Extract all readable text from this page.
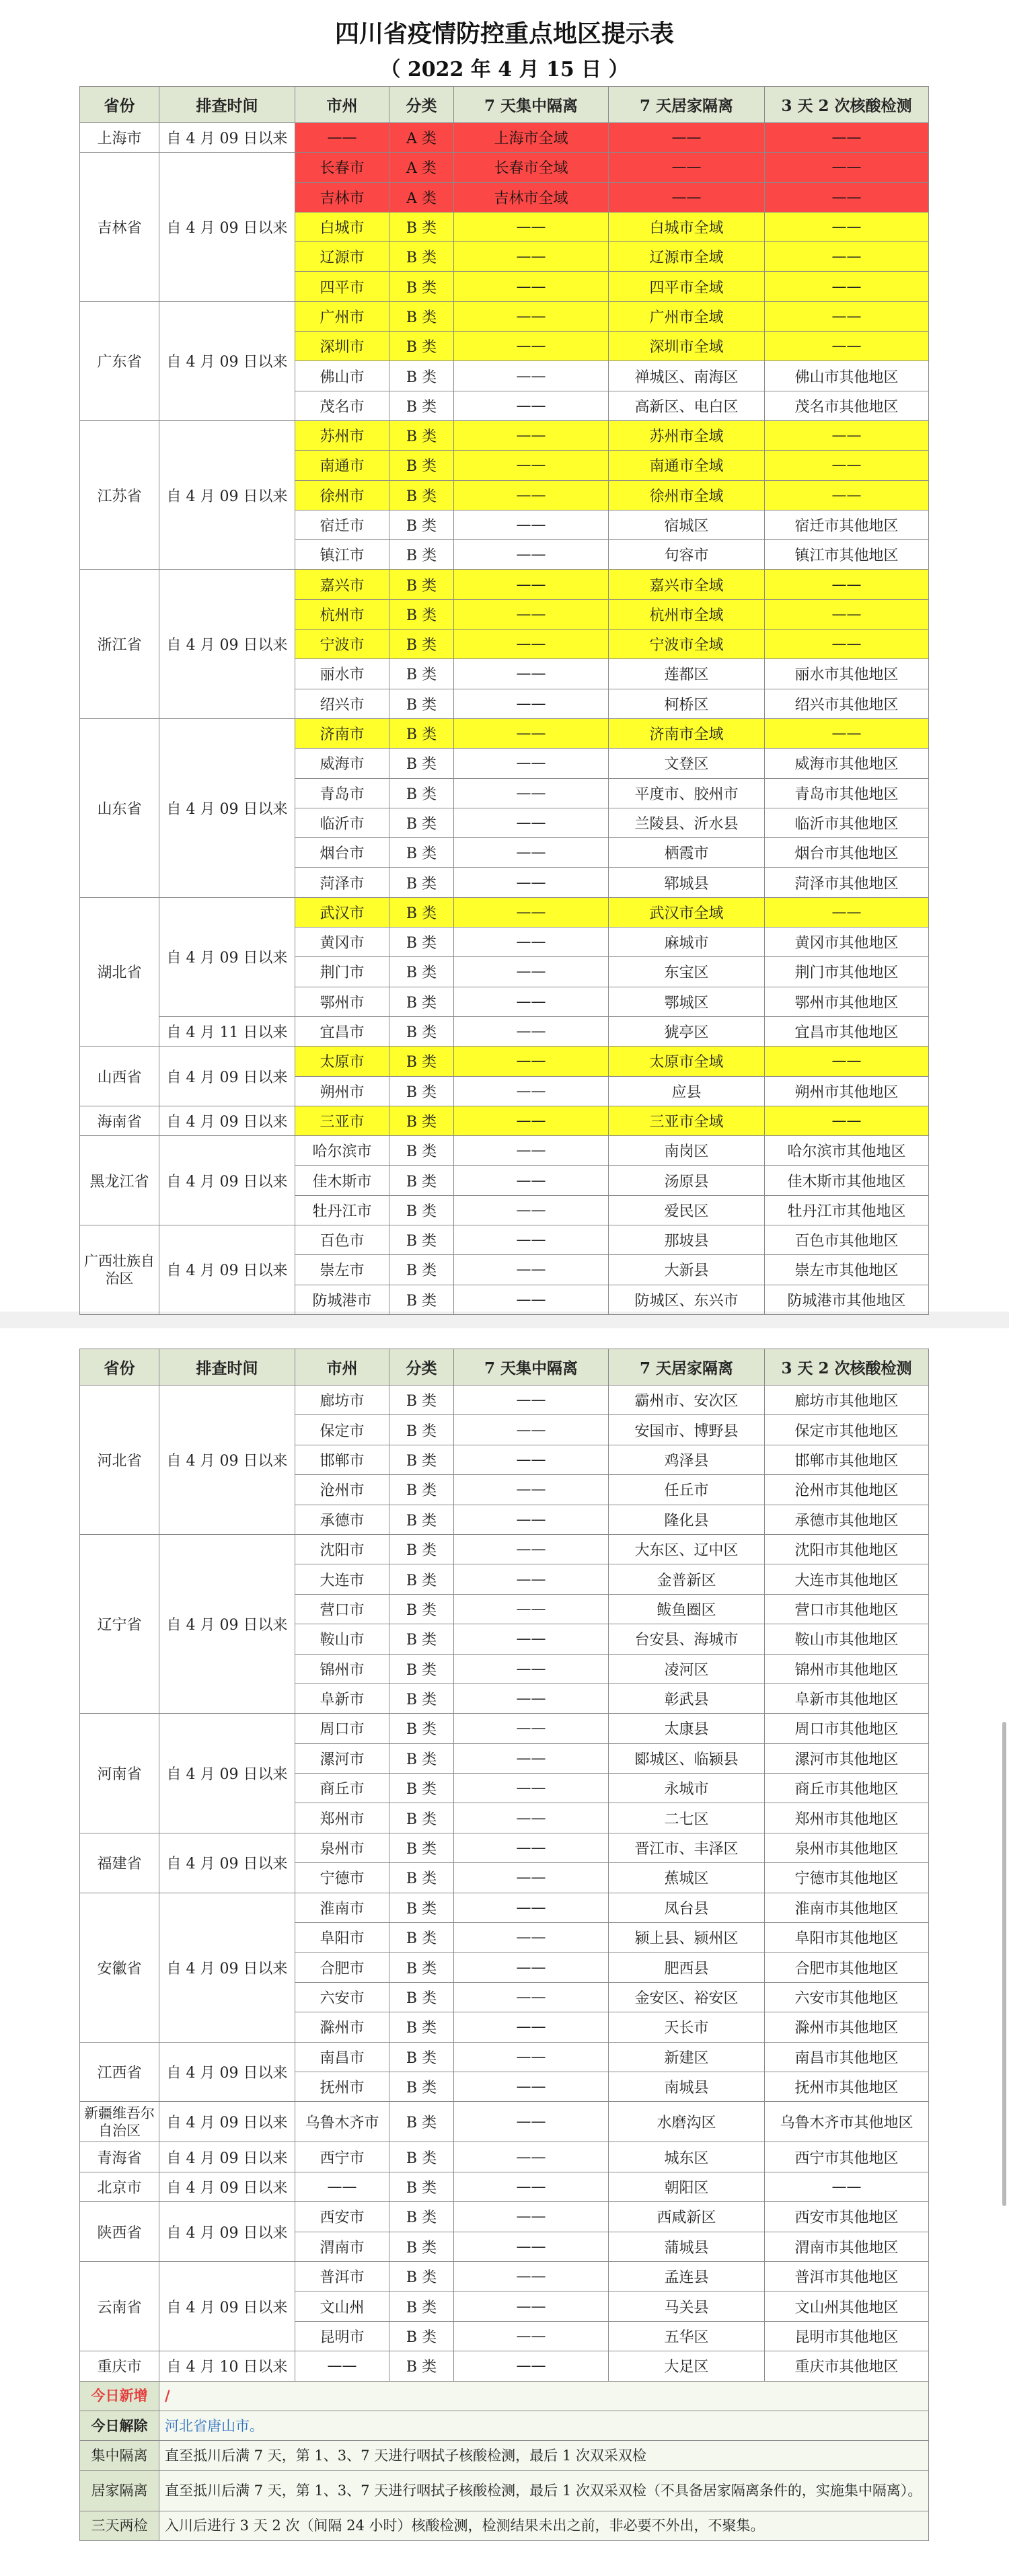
四川省疫情防控重点地区提示表
（ 2022 年 4 月 15 日 ）
省份	排查时间	市州	分类	7 天集中隔离	7 天居家隔离	3 天 2 次核酸检测
上海市	自 4 月 09 日以来	——	A 类	上海市全域	——	——
吉林省	自 4 月 09 日以来	长春市	A 类	长春市全域	——	——
		吉林市	A 类	吉林市全域	——	——
		白城市	B 类	——	白城市全域	——
		辽源市	B 类	——	辽源市全域	——
		四平市	B 类	——	四平市全域	——
广东省	自 4 月 09 日以来	广州市	B 类	——	广州市全域	——
		深圳市	B 类	——	深圳市全域	——
		佛山市	B 类	——	禅城区、南海区	佛山市其他地区
		茂名市	B 类	——	高新区、电白区	茂名市其他地区
江苏省	自 4 月 09 日以来	苏州市	B 类	——	苏州市全域	——
		南通市	B 类	——	南通市全域	——
		徐州市	B 类	——	徐州市全域	——
		宿迁市	B 类	——	宿城区	宿迁市其他地区
		镇江市	B 类	——	句容市	镇江市其他地区
浙江省	自 4 月 09 日以来	嘉兴市	B 类	——	嘉兴市全域	——
		杭州市	B 类	——	杭州市全域	——
		宁波市	B 类	——	宁波市全域	——
		丽水市	B 类	——	莲都区	丽水市其他地区
		绍兴市	B 类	——	柯桥区	绍兴市其他地区
山东省	自 4 月 09 日以来	济南市	B 类	——	济南市全域	——
		威海市	B 类	——	文登区	威海市其他地区
		青岛市	B 类	——	平度市、胶州市	青岛市其他地区
		临沂市	B 类	——	兰陵县、沂水县	临沂市其他地区
		烟台市	B 类	——	栖霞市	烟台市其他地区
		菏泽市	B 类	——	郓城县	菏泽市其他地区
湖北省	自 4 月 09 日以来	武汉市	B 类	——	武汉市全域	——
		黄冈市	B 类	——	麻城市	黄冈市其他地区
		荆门市	B 类	——	东宝区	荆门市其他地区
		鄂州市	B 类	——	鄂城区	鄂州市其他地区
	自 4 月 11 日以来	宜昌市	B 类	——	猇亭区	宜昌市其他地区
山西省	自 4 月 09 日以来	太原市	B 类	——	太原市全域	——
		朔州市	B 类	——	应县	朔州市其他地区
海南省	自 4 月 09 日以来	三亚市	B 类	——	三亚市全域	——
黑龙江省	自 4 月 09 日以来	哈尔滨市	B 类	——	南岗区	哈尔滨市其他地区
		佳木斯市	B 类	——	汤原县	佳木斯市其他地区
		牡丹江市	B 类	——	爱民区	牡丹江市其他地区
广西壮族自治区	自 4 月 09 日以来	百色市	B 类	——	那坡县	百色市其他地区
		崇左市	B 类	——	大新县	崇左市其他地区
		防城港市	B 类	——	防城区、东兴市	防城港市其他地区
省份	排查时间	市州	分类	7 天集中隔离	7 天居家隔离	3 天 2 次核酸检测
河北省	自 4 月 09 日以来	廊坊市	B 类	——	霸州市、安次区	廊坊市其他地区
		保定市	B 类	——	安国市、博野县	保定市其他地区
		邯郸市	B 类	——	鸡泽县	邯郸市其他地区
		沧州市	B 类	——	任丘市	沧州市其他地区
		承德市	B 类	——	隆化县	承德市其他地区
辽宁省	自 4 月 09 日以来	沈阳市	B 类	——	大东区、辽中区	沈阳市其他地区
		大连市	B 类	——	金普新区	大连市其他地区
		营口市	B 类	——	鲅鱼圈区	营口市其他地区
		鞍山市	B 类	——	台安县、海城市	鞍山市其他地区
		锦州市	B 类	——	凌河区	锦州市其他地区
		阜新市	B 类	——	彰武县	阜新市其他地区
河南省	自 4 月 09 日以来	周口市	B 类	——	太康县	周口市其他地区
		漯河市	B 类	——	郾城区、临颍县	漯河市其他地区
		商丘市	B 类	——	永城市	商丘市其他地区
		郑州市	B 类	——	二七区	郑州市其他地区
福建省	自 4 月 09 日以来	泉州市	B 类	——	晋江市、丰泽区	泉州市其他地区
		宁德市	B 类	——	蕉城区	宁德市其他地区
安徽省	自 4 月 09 日以来	淮南市	B 类	——	凤台县	淮南市其他地区
		阜阳市	B 类	——	颍上县、颍州区	阜阳市其他地区
		合肥市	B 类	——	肥西县	合肥市其他地区
		六安市	B 类	——	金安区、裕安区	六安市其他地区
		滁州市	B 类	——	天长市	滁州市其他地区
江西省	自 4 月 09 日以来	南昌市	B 类	——	新建区	南昌市其他地区
		抚州市	B 类	——	南城县	抚州市其他地区
新疆维吾尔自治区	自 4 月 09 日以来	乌鲁木齐市	B 类	——	水磨沟区	乌鲁木齐市其他地区
青海省	自 4 月 09 日以来	西宁市	B 类	——	城东区	西宁市其他地区
北京市	自 4 月 09 日以来	——	B 类	——	朝阳区	——
陕西省	自 4 月 09 日以来	西安市	B 类	——	西咸新区	西安市其他地区
		渭南市	B 类	——	蒲城县	渭南市其他地区
云南省	自 4 月 09 日以来	普洱市	B 类	——	孟连县	普洱市其他地区
		文山州	B 类	——	马关县	文山州其他地区
		昆明市	B 类	——	五华区	昆明市其他地区
重庆市	自 4 月 10 日以来	——	B 类	——	大足区	重庆市其他地区
今日新增	/					
今日解除	河北省唐山市。					
集中隔离	直至抵川后满 7 天，第 1、3、7 天进行咽拭子核酸检测，最后 1 次双采双检					
居家隔离	直至抵川后满 7 天，第 1、3、7 天进行咽拭子核酸检测，最后 1 次双采双检（不具备居家隔离条件的，实施集中隔离）。					
三天两检	入川后进行 3 天 2 次（间隔 24 小时）核酸检测，检测结果未出之前，非必要不外出，不聚集。					
